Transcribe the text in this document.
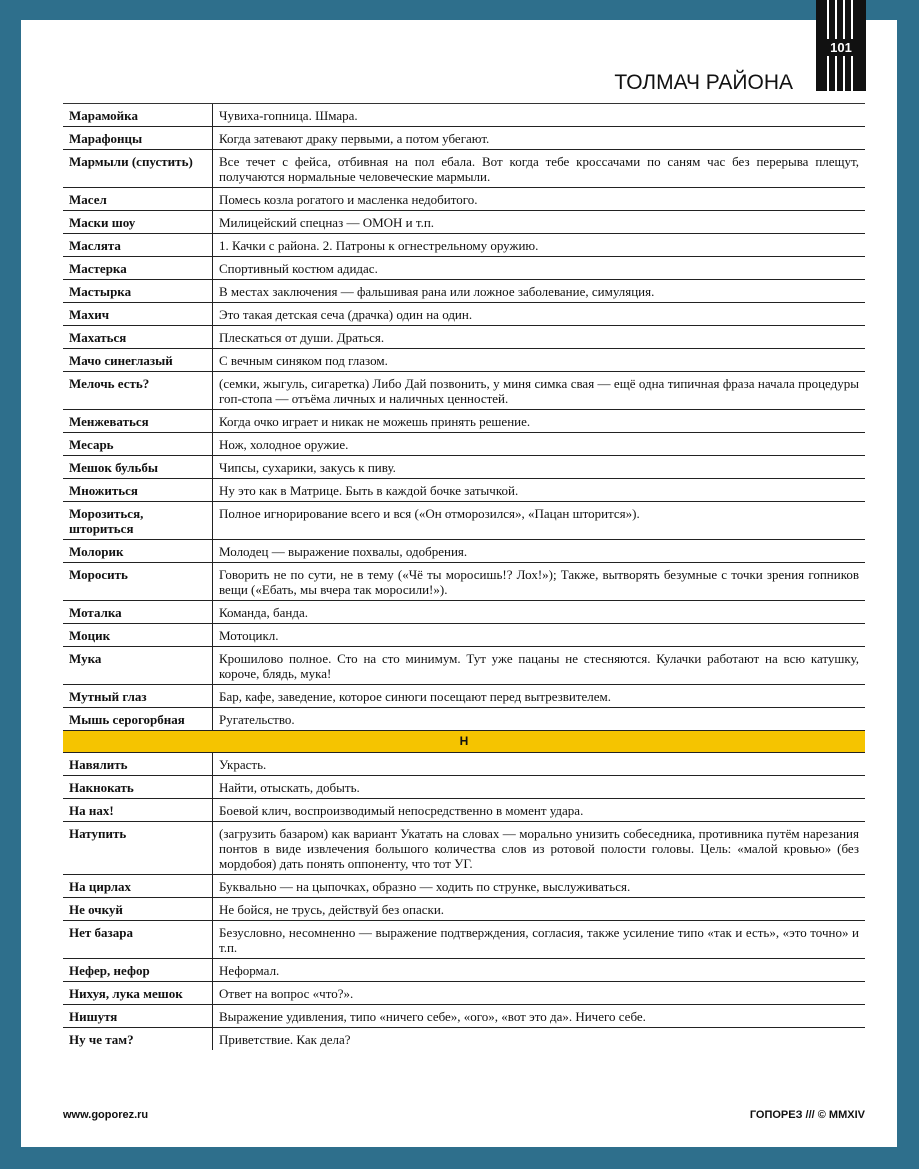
101
ТОЛМАЧ РАЙОНА
Марамойка	Чувиха-гопница. Шмара.
Марафонцы	Когда затевают драку первыми, а потом убегают.
Мармыли (спустить)	Все течет с фейса, отбивная на пол ебала. Вот когда тебе кроссачами по саням час без перерыва плещут, получаются нормальные человеческие мармыли.
Масел	Помесь козла рогатого и масленка недобитого.
Маски шоу	Милицейский спецназ — ОМОН и т.п.
Маслята	1. Качки с района. 2. Патроны к огнестрельному оружию.
Мастерка	Спортивный костюм адидас.
Мастырка	В местах заключения — фальшивая рана или ложное заболевание, симуляция.
Махич	Это такая детская сеча (драчка) один на один.
Махаться	Плескаться от души. Драться.
Мачо синеглазый	С вечным синяком под глазом.
Мелочь есть?	(семки, жыгуль, сигаретка) Либо Дай позвонить, у миня симка свая — ещё одна типичная фраза начала процедуры гоп-стопа — отъёма личных и наличных ценностей.
Менжеваться	Когда очко играет и никак не можешь принять решение.
Месарь	Нож, холодное оружие.
Мешок бульбы	Чипсы, сухарики, закусь к пиву.
Множиться	Ну это как в Матрице. Быть в каждой бочке затычкой.
Морозиться, шториться	Полное игнорирование всего и вся («Он отморозился», «Пацан шторится»).
Молорик	Молодец — выражение похвалы, одобрения.
Моросить	Говорить не по сути, не в тему («Чё ты моросишь!? Лох!»); Также, вытворять безумные с точки зрения гопников вещи («Ебать, мы вчера так моросили!»).
Моталка	Команда, банда.
Моцик	Мотоцикл.
Мука	Крошилово полное. Сто на сто минимум. Тут уже пацаны не стесняются. Кулачки работают на всю катушку, короче, блядь, мука!
Мутный глаз	Бар, кафе, заведение, которое синюги посещают перед вытрезвителем.
Мышь серогорбная	Ругательство.
Н	
Навялить	Украсть.
Накнокать	Найти, отыскать, добыть.
На нах!	Боевой клич, воспроизводимый непосредственно в момент удара.
Натупить	(загрузить базаром) как вариант Укатать на словах — морально унизить собеседника, противника путём нарезания понтов в виде извлечения большого количества слов из ротовой полости головы. Цель: «малой кровью» (без мордобоя) дать понять оппоненту, что тот УГ.
На цирлах	Буквально — на цыпочках, образно — ходить по струнке, выслуживаться.
Не очкуй	Не бойся, не трусь, действуй без опаски.
Нет базара	Безусловно, несомненно — выражение подтверждения, согласия, также усиление типо «так и есть», «это точно» и т.п.
Нефер, нефор	Неформал.
Нихуя, лука мешок	Ответ на вопрос «что?».
Нишутя	Выражение удивления, типо «ничего себе», «ого», «вот это да». Ничего себе.
Ну че там?	Приветствие. Как дела?
www.goporez.ru	ГОПОРЕЗ /// © MMXIV
